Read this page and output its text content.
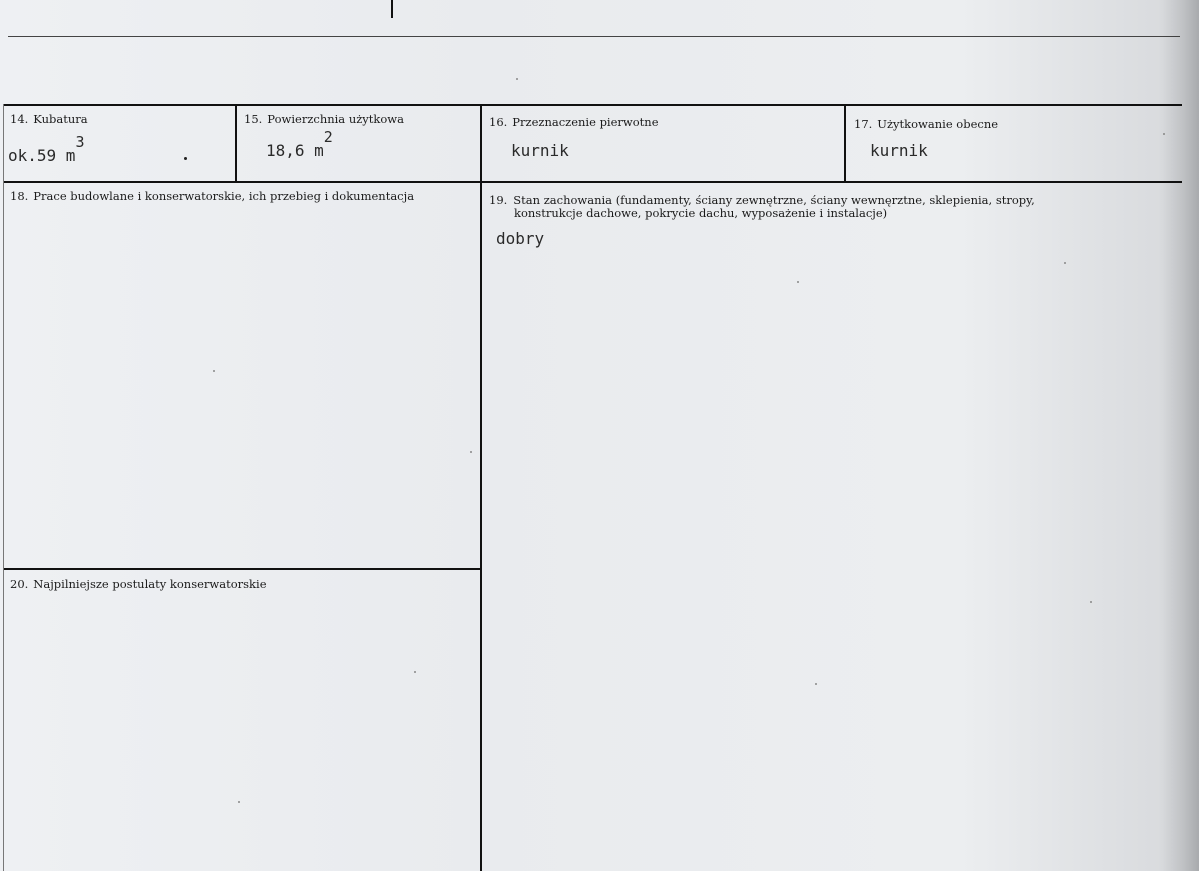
14. Kubatura
ok.59 $m^3$
15. Powierzchnia użytkowa
18,6 $m^2$
16. Przeznaczenie pierwotne
kurnik
17. Użytkowanie obecne
kurnik
18. Prace budowlane i konserwatorskie, ich przebieg i dokumentacja	19. Stan zachowania (fundamenty, ściany zewnętrzne, ściany wewnęrztne, sklepienia, stropy,
konstrukcje dachowe, pokrycie dachu, wyposażenie i instalacje)
dobry
20. Najpilniejsze postulaty konserwatorskie
